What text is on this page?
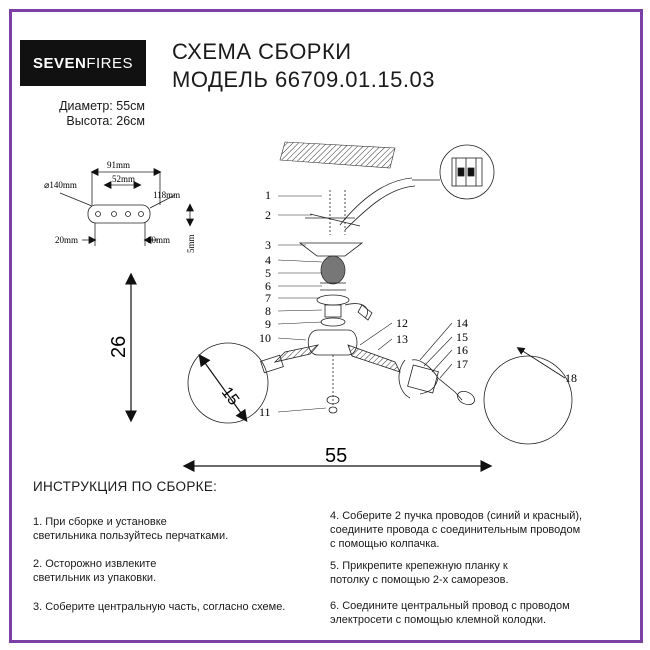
SEVEN FIRES СХЕМА СБОРКИ
МОДЕЛЬ 66709.01.15.03
Диаметр: 55см
Высота: 26см
⌀140mm
91mm
52mm
118mm
20mm	10mm 5mm
26
55
15
1
2
3
4
5
6
7
8
9
10
11
12
13
14
15
16
17
18
ИНСТРУКЦИЯ ПО СБОРКЕ:
1. При сборке и установке
светильника пользуйтесь перчатками.
2. Осторожно извлеките
светильник из упаковки.
3. Соберите центральную часть, согласно схеме.
4. Соберите 2 пучка проводов (синий и красный),
соедините провода с соединительным проводом
с помощью колпачка.
5. Прикрепите крепежную планку к
потолку с помощью 2-х саморезов.
6. Соедините центральный провод с проводом
электросети с помощью клемной колодки.
